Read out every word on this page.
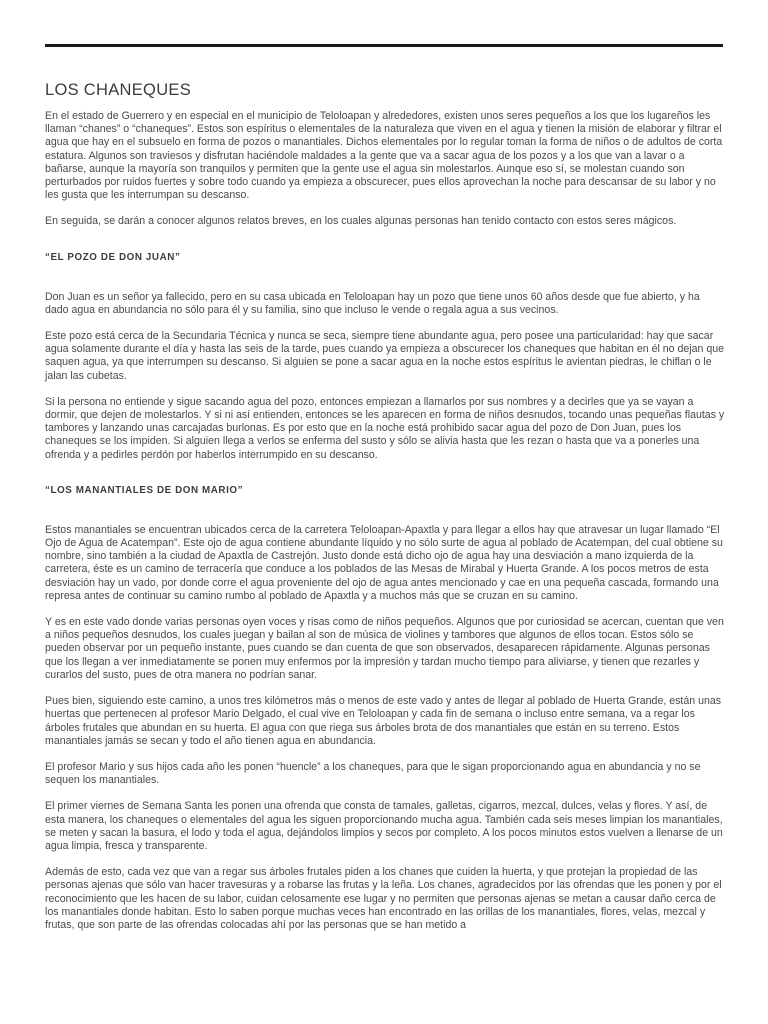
LOS CHANEQUES

En el estado de Guerrero y en especial en el municipio de Teloloapan y alrededores, existen unos seres pequeños a los que los lugareños les llaman “chanes” o “chaneques”. Estos son espíritus o elementales de la naturaleza que viven en el agua y tienen la misión de elaborar y filtrar el agua que hay en el subsuelo en forma de pozos o manantiales. Dichos elementales por lo regular toman la forma de niños o de adultos de corta estatura. Algunos son traviesos y disfrutan haciéndole maldades a la gente que va a sacar agua de los pozos y a los que van a lavar o a bañarse, aunque la mayoría son tranquilos y permiten que la gente use el agua sin molestarlos. Aunque eso sí, se molestan cuando son perturbados por ruidos fuertes y sobre todo cuando ya empieza a obscurecer, pues ellos aprovechan la noche para descansar de su labor y no les gusta que les interrumpan su descanso.

En seguida, se darán a conocer algunos relatos breves, en los cuales algunas personas han tenido contacto con estos seres mágicos.

“EL POZO DE DON JUAN”

Don Juan es un señor ya fallecido, pero en su casa ubicada en Teloloapan hay un pozo que tiene unos 60 años desde que fue abierto, y ha dado agua en abundancia no sólo para él y su familia, sino que incluso le vende o regala agua a sus vecinos.

Este pozo está cerca de la Secundaria Técnica y nunca se seca, siempre tiene abundante agua, pero posee una particularidad: hay que sacar agua solamente durante el día y hasta las seis de la tarde, pues cuando ya empieza a obscurecer los chaneques que habitan en él no dejan que saquen agua, ya que interrumpen su descanso. Si alguien se pone a sacar agua en la noche estos espíritus le avientan piedras, le chiflan o le jalan las cubetas.

Si la persona no entiende y sigue sacando agua del pozo, entonces empiezan a llamarlos por sus nombres y a decirles que ya se vayan a dormir, que dejen de molestarlos. Y si ni así entienden, entonces se les aparecen en forma de niños desnudos, tocando unas pequeñas flautas y tambores y lanzando unas carcajadas burlonas. Es por esto que en la noche está prohibido sacar agua del pozo de Don Juan, pues los chaneques se los impiden. Si alguien llega a verlos se enferma del susto y sólo se alivia hasta que les rezan o hasta que va a ponerles una ofrenda y a pedirles perdón por haberlos interrumpido en su descanso.

“LOS MANANTIALES DE DON MARIO”

Estos manantiales se encuentran ubicados cerca de la carretera Teloloapan-Apaxtla y para llegar a ellos hay que atravesar un lugar llamado “El Ojo de Agua de Acatempan”. Este ojo de agua contiene abundante líquido y no sólo surte de agua al poblado de Acatempan, del cual obtiene su nombre, sino también a la ciudad de Apaxtla de Castrejón. Justo donde está dicho ojo de agua hay una desviación a mano izquierda de la carretera, éste es un camino de terracería que conduce a los poblados de las Mesas de Mirabal y Huerta Grande. A los pocos metros de esta desviación hay un vado, por donde corre el agua proveniente del ojo de agua antes mencionado y cae en una pequeña cascada, formando una represa antes de continuar su camino rumbo al poblado de Apaxtla y a muchos más que se cruzan en su camino.

Y es en este vado donde varias personas oyen voces y risas como de niños pequeños. Algunos que por curiosidad se acercan, cuentan que ven a niños pequeños desnudos, los cuales juegan y bailan al son de música de violines y tambores que algunos de ellos tocan. Estos sólo se pueden observar por un pequeño instante, pues cuando se dan cuenta de que son observados, desaparecen rápidamente. Algunas personas que los llegan a ver inmediatamente se ponen muy enfermos por la impresión y tardan mucho tiempo para aliviarse, y tienen que rezarles y curarlos del susto, pues de otra manera no podrían sanar.

Pues bien, siguiendo este camino, a unos tres kilómetros más o menos de este vado y antes de llegar al poblado de Huerta Grande, están unas huertas que pertenecen al profesor Mario Delgado, el cual vive en Teloloapan y cada fin de semana o incluso entre semana, va a regar los árboles frutales que abundan en su huerta. El agua con que riega sus árboles brota de dos manantiales que están en su terreno. Estos manantiales jamás se secan y todo el año tienen agua en abundancia.

El profesor Mario y sus hijos cada año les ponen “huencle” a los chaneques, para que le sigan proporcionando agua en abundancia y no se sequen los manantiales.

El primer viernes de Semana Santa les ponen una ofrenda que consta de tamales, galletas, cigarros, mezcal, dulces, velas y flores. Y así, de esta manera, los chaneques o elementales del agua les siguen proporcionando mucha agua. También cada seis meses limpian los manantiales, se meten y sacan la basura, el lodo y toda el agua, dejándolos limpios y secos por completo. A los pocos minutos estos vuelven a llenarse de un agua limpia, fresca y transparente.

Además de esto, cada vez que van a regar sus árboles frutales piden a los chanes que cuiden la huerta, y que protejan la propiedad de las personas ajenas que sólo van hacer travesuras y a robarse las frutas y la leña. Los chanes, agradecidos por las ofrendas que les ponen y por el reconocimiento que les hacen de su labor, cuidan celosamente ese lugar y no permiten que personas ajenas se metan a causar daño cerca de los manantiales donde habitan. Esto lo saben porque muchas veces han encontrado en las orillas de los manantiales, flores, velas, mezcal y frutas, que son parte de las ofrendas colocadas ahí por las personas que se han metido a
